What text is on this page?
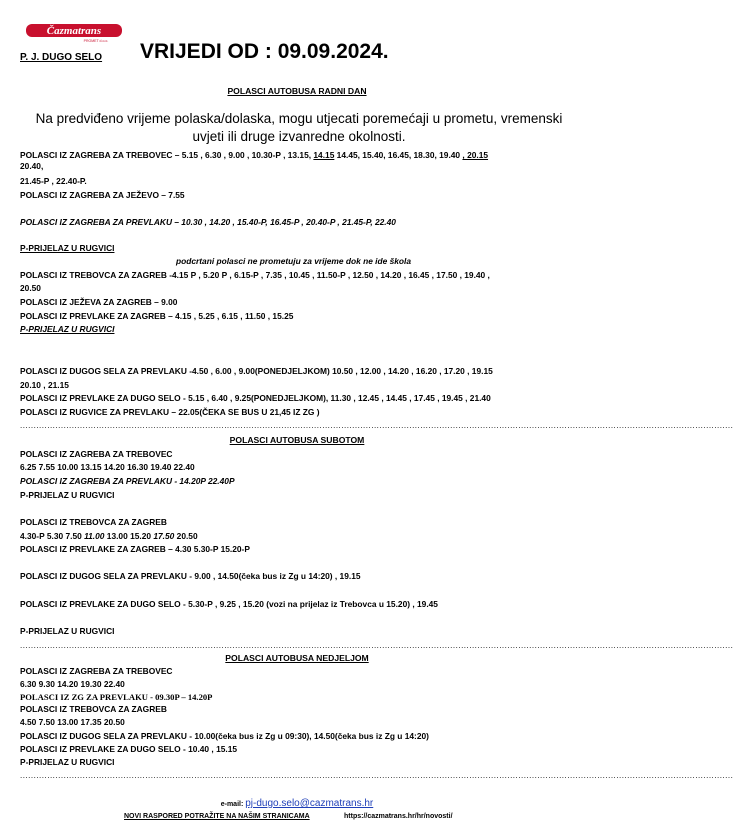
Čazmatrans
PROMET d.o.o.
P. J. DUGO SELO VRIJEDI OD : 09.09.2024.
POLASCI AUTOBUSA RADNI DAN
Na predviđeno vrijeme polaska/dolaska, mogu utjecati poremećaji u prometu, vremenski uvjeti ili druge izvanredne okolnosti.
POLASCI IZ ZAGREBA ZA TREBOVEC – 5.15 , 6.30 , 9.00 , 10.30-P , 13.15, 14.15 14.45, 15.40, 16.45, 18.30, 19.40 , 20.15
20.40,
21.45-P , 22.40-P.
POLASCI IZ ZAGREBA ZA JEŽEVO – 7.55
POLASCI IZ ZAGREBA ZA PREVLAKU – 10.30 , 14.20 , 15.40-P, 16.45-P , 20.40-P , 21.45-P, 22.40
P-PRIJELAZ U RUGVICI
podcrtani polasci ne prometuju za vrijeme dok ne ide škola
POLASCI IZ TREBOVCA ZA ZAGREB -4.15 P , 5.20 P , 6.15-P , 7.35 , 10.45 , 11.50-P , 12.50 , 14.20 , 16.45 , 17.50 , 19.40 ,
20.50
POLASCI IZ JEŽEVA ZA ZAGREB – 9.00
POLASCI IZ PREVLAKE ZA ZAGREB – 4.15 , 5.25 , 6.15 , 11.50 , 15.25
P-PRIJELAZ U RUGVICI
POLASCI IZ DUGOG SELA ZA PREVLAKU -4.50 , 6.00 , 9.00(PONEDJELJKOM) 10.50 , 12.00 , 14.20 , 16.20 , 17.20 , 19.15
20.10 , 21.15
POLASCI IZ PREVLAKE ZA DUGO SELO - 5.15 , 6.40 , 9.25(PONEDJELJKOM), 11.30 , 12.45 , 14.45 , 17.45 , 19.45 , 21.40
POLASCI IZ RUGVICE ZA PREVLAKU – 22.05(ČEKA SE BUS U 21,45 IZ ZG )
......................................................................................................................................................................................................................................................................
POLASCI AUTOBUSA SUBOTOM
POLASCI IZ ZAGREBA ZA TREBOVEC
6.25 7.55 10.00 13.15 14.20 16.30 19.40 22.40
POLASCI IZ ZAGREBA ZA PREVLAKU - 14.20P 22.40P
P-PRIJELAZ U RUGVICI
POLASCI IZ TREBOVCA ZA ZAGREB
4.30-P 5.30 7.50 11.00 13.00 15.20 17.50 20.50
POLASCI IZ PREVLAKE ZA ZAGREB – 4.30 5.30-P 15.20-P
POLASCI IZ DUGOG SELA ZA PREVLAKU - 9.00 , 14.50(čeka bus iz Zg u 14:20) , 19.15
POLASCI IZ PREVLAKE ZA DUGO SELO - 5.30-P , 9.25 , 15.20 (vozi na prijelaz iz Trebovca u 15.20) , 19.45
P-PRIJELAZ U RUGVICI
......................................................................................................................................................................................................................................................................
POLASCI AUTOBUSA NEDJELJOM
POLASCI IZ ZAGREBA ZA TREBOVEC
6.30 9.30 14.20 19.30 22.40
POLASCI IZ ZG ZA PREVLAKU - 09.30P – 14.20P
POLASCI IZ TREBOVCA ZA ZAGREB
4.50 7.50 13.00 17.35 20.50
POLASCI IZ DUGOG SELA ZA PREVLAKU - 10.00(čeka bus iz Zg u 09:30), 14.50(čeka bus iz Zg u 14:20)
POLASCI IZ PREVLAKE ZA DUGO SELO - 10.40 , 15.15
P-PRIJELAZ U RUGVICI
......................................................................................................................................................................................................................................................................
e-mail: pj-dugo.selo@cazmatrans.hr
NOVI RASPORED POTRAŽITE NA NAŠIM STRANICAMA	https://cazmatrans.hr/hr/novosti/
